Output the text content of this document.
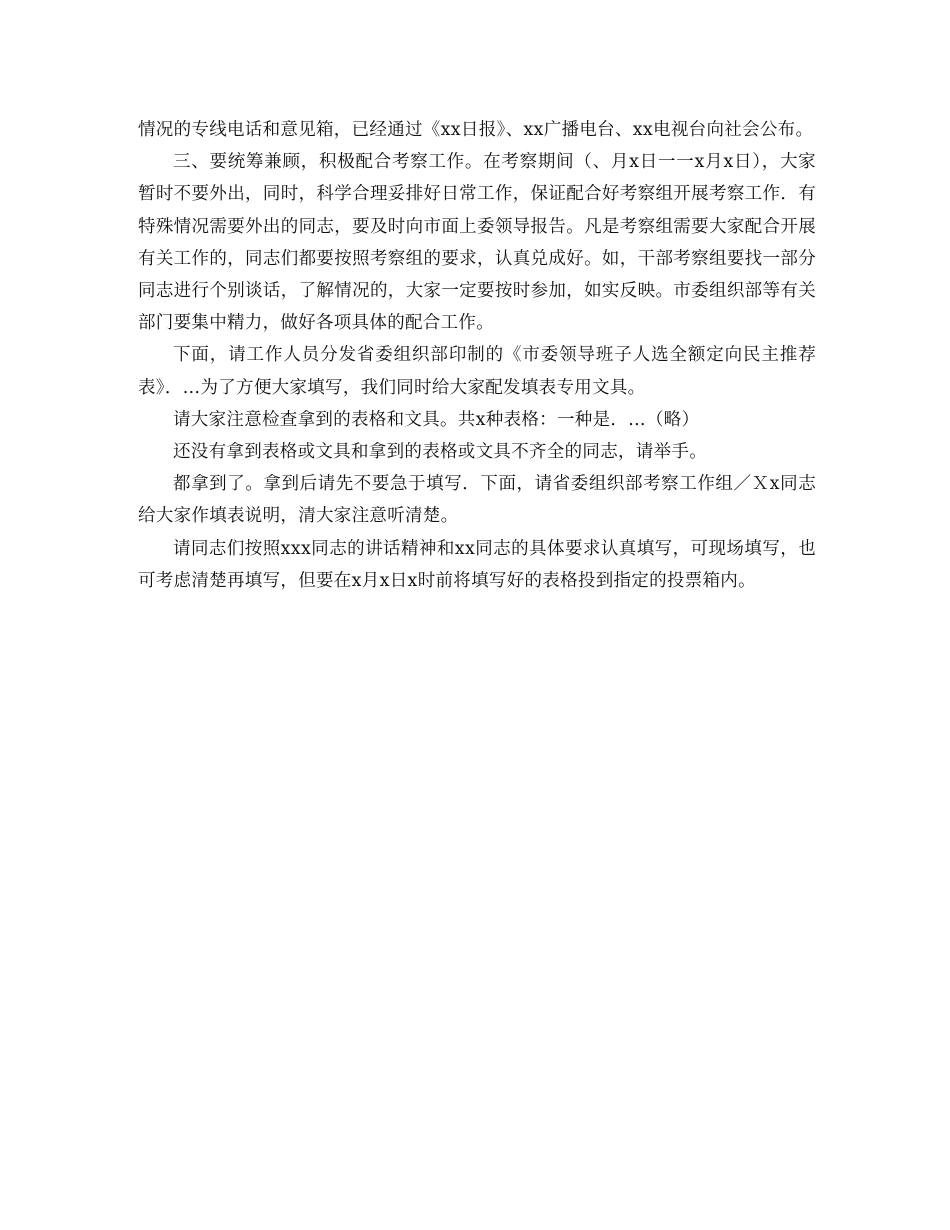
情况的专线电话和意见箱，已经通过《xx日报》、xx广播电台、xx电视台向社会公布。

三、要统筹兼顾，积极配合考察工作。在考察期间（、月x日一一x月x日），大家暂时不要外出，同时，科学合理妥排好日常工作，保证配合好考察组开展考察工作．有特殊情况需要外出的同志，要及时向市面上委领导报告。凡是考察组需要大家配合开展有关工作的，同志们都要按照考察组的要求，认真兑成好。如，干部考察组要找一部分同志进行个别谈话，了解情况的，大家一定要按时参加，如实反映。市委组织部等有关部门要集中精力，做好各项具体的配合工作。

下面，请工作人员分发省委组织部印制的《市委领导班子人选全额定向民主推荐表》．…为了方便大家填写，我们同时给大家配发填表专用文具。

请大家注意检查拿到的表格和文具。共x种表格：一种是．…（略）

还没有拿到表格或文具和拿到的表格或文具不齐全的同志，请举手。

都拿到了。拿到后请先不要急于填写．下面，请省委组织部考察工作组／Ｘx同志给大家作填表说明，清大家注意听清楚。

请同志们按照xxx同志的讲话精神和xx同志的具体要求认真填写，可现场填写，也可考虑清楚再填写，但要在x月x日x时前将填写好的表格投到指定的投票箱内。
